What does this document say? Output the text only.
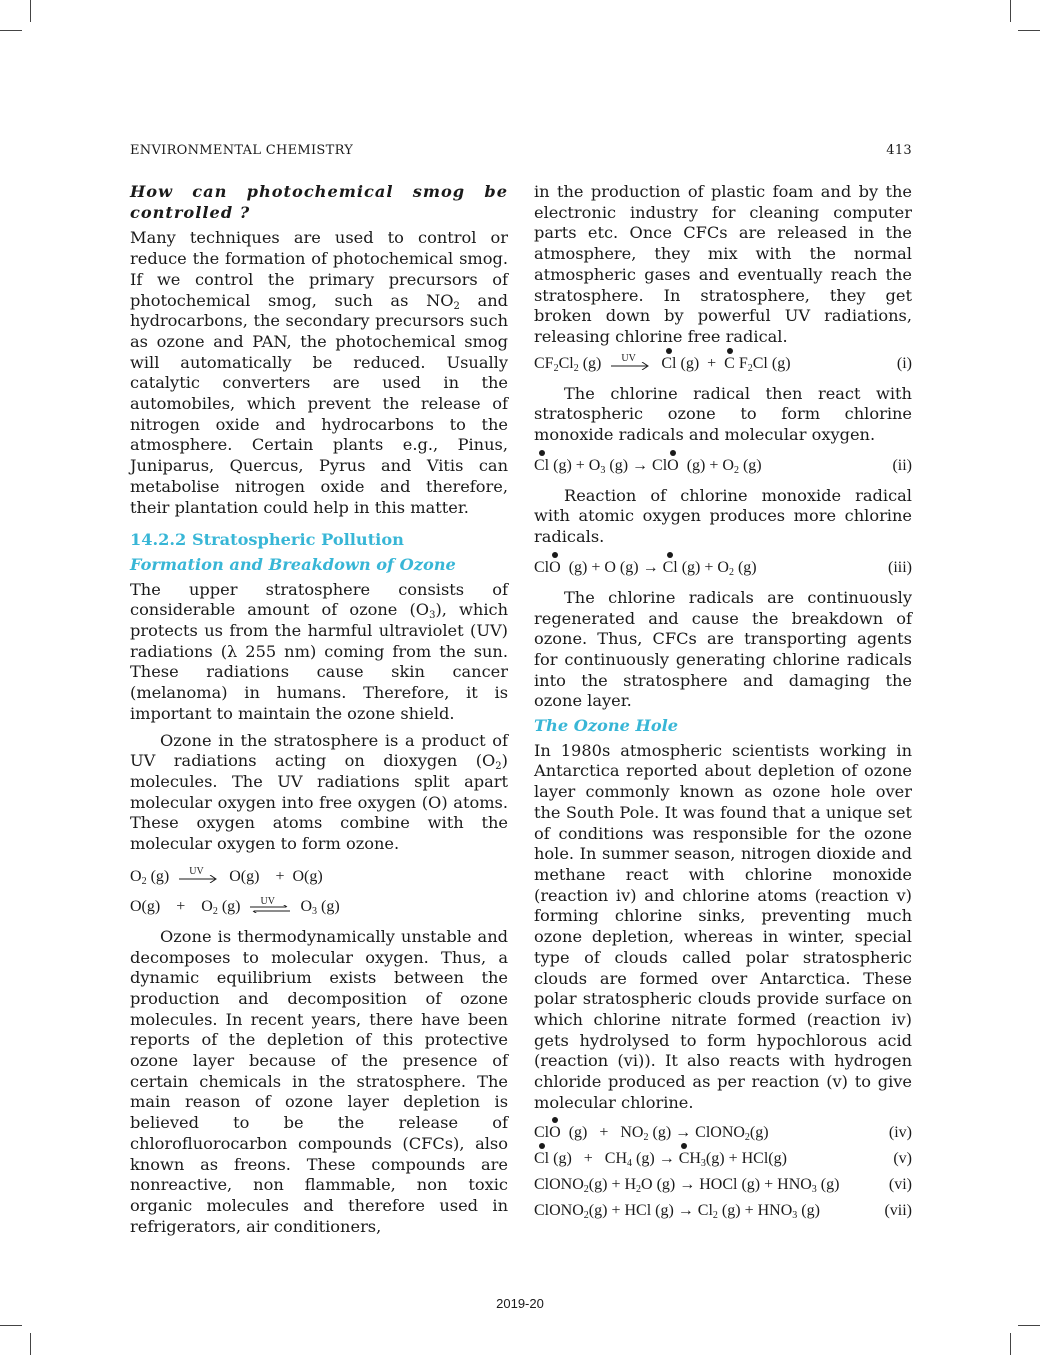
ENVIRONMENTAL CHEMISTRY	413
How can photochemical smog be controlled ?

Many techniques are used to control or reduce the formation of photochemical smog. If we control the primary precursors of photochemical smog, such as $NO_2$ and hydrocarbons, the secondary precursors such as ozone and PAN, the photochemical smog will automatically be reduced. Usually catalytic converters are used in the automobiles, which prevent the release of nitrogen oxide and hydrocarbons to the atmosphere. Certain plants e.g., Pinus, Juniparus, Quercus, Pyrus and Vitis can metabolise nitrogen oxide and therefore, their plantation could help in this matter.

14.2.2 Stratospheric Pollution
Formation and Breakdown of Ozone

The upper stratosphere consists of considerable amount of ozone $(O_3)$, which protects us from the harmful ultraviolet (UV) radiations (λ 255 nm) coming from the sun. These radiations cause skin cancer (melanoma) in humans. Therefore, it is important to maintain the ozone shield.

Ozone in the stratosphere is a product of UV radiations acting on dioxygen $(O_2)$ molecules. The UV radiations split apart molecular oxygen into free oxygen (O) atoms. These oxygen atoms combine with the molecular oxygen to form ozone.

$O_2$ (g) UV O(g) + O(g)
$O(g) + O_2$ (g) UV $O_3$ (g)

Ozone is thermodynamically unstable and decomposes to molecular oxygen. Thus, a dynamic equilibrium exists between the production and decomposition of ozone molecules. In recent years, there have been reports of the depletion of this protective ozone layer because of the presence of certain chemicals in the stratosphere. The main reason of ozone layer depletion is believed to be the release of chlorofluorocarbon compounds (CFCs), also known as freons. These compounds are nonreactive, non flammable, non toxic organic molecules and therefore used in refrigerators, air conditioners,

in the production of plastic foam and by the electronic industry for cleaning computer parts etc. Once CFCs are released in the atmosphere, they mix with the normal atmospheric gases and eventually reach the stratosphere. In stratosphere, they get broken down by powerful UV radiations, releasing chlorine free radical.

$CF_2Cl_2$ (g) UV Cl (g)  +  C $F_2Cl$ (g)	(i)

The chlorine radical then react with stratospheric ozone to form chlorine monoxide radicals and molecular oxygen.

Cl $(g) + O_3$ (g) → ClO  $(g) + O_2$ (g)	(ii)

Reaction of chlorine monoxide radical with atomic oxygen produces more chlorine radicals.

ClO  (g) + O (g) → Cl $(g) + O_2$ (g)	(iii)

The chlorine radicals are continuously regenerated and cause the breakdown of ozone. Thus, CFCs are transporting agents for continuously generating chlorine radicals into the stratosphere and damaging the ozone layer.

The Ozone Hole

In 1980s atmospheric scientists working in Antarctica reported about depletion of ozone layer commonly known as ozone hole over the South Pole. It was found that a unique set of conditions was responsible for the ozone hole. In summer season, nitrogen dioxide and methane react with chlorine monoxide (reaction iv) and chlorine atoms (reaction v) forming chlorine sinks, preventing much ozone depletion, whereas in winter, special type of clouds called polar stratospheric clouds are formed over Antarctica. These polar stratospheric clouds provide surface on which chlorine nitrate formed (reaction iv) gets hydrolysed to form hypochlorous acid (reaction (vi)). It also reacts with hydrogen chloride produced as per reaction (v) to give molecular chlorine.

ClO  $(g) + NO_2$ (g) → ClONO$_2$(g)	(iv)
Cl $(g) + CH_4$ $(g) \to CH_3(g) + HCl(g)$	(v)
ClONO$_2$(g) + $H_2O$ (g) → HOCl $(g) + HNO_3$ (g)	(vi)
ClONO$_2$(g) + HCl $(g) \to Cl_2$ $(g) + HNO_3$ (g)	(vii)
2019-20
